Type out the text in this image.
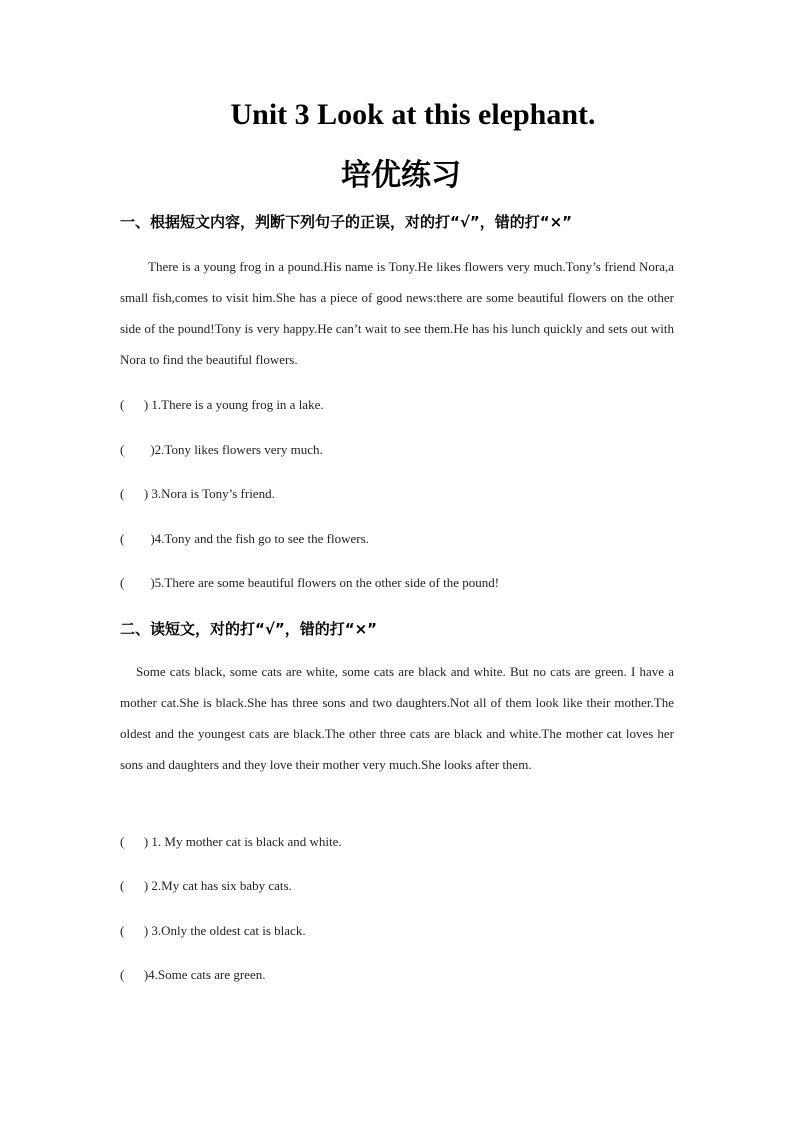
Unit 3 Look at this elephant.
培优练习
一、根据短文内容，判断下列句子的正误，对的打“√”，错的打“×”
There is a young frog in a pound.His name is Tony.He likes flowers very much.Tony’s friend Nora,a small fish,comes to visit him.She has a piece of good news:there are some beautiful flowers on the other side of the pound!Tony is very happy.He can’t wait to see them.He has his lunch quickly and sets out with Nora to find the beautiful flowers.
(      ) 1.There is a young frog in a lake.
(        )2.Tony likes flowers very much.
(      ) 3.Nora is Tony’s friend.
(        )4.Tony and the fish go to see the flowers.
(        )5.There are some beautiful flowers on the other side of the pound!
二、读短文，对的打“√”，错的打“×”
Some cats black, some cats are white, some cats are black and white. But no cats are green. I have a mother cat.She is black.She has three sons and two daughters.Not all of them look like their mother.The oldest and the youngest cats are black.The other three cats are black and white.The mother cat loves her sons and daughters and they love their mother very much.She looks after them.
(      ) 1. My mother cat is black and white.
(      ) 2.My cat has six baby cats.
(      ) 3.Only the oldest cat is black.
(      )4.Some cats are green.
